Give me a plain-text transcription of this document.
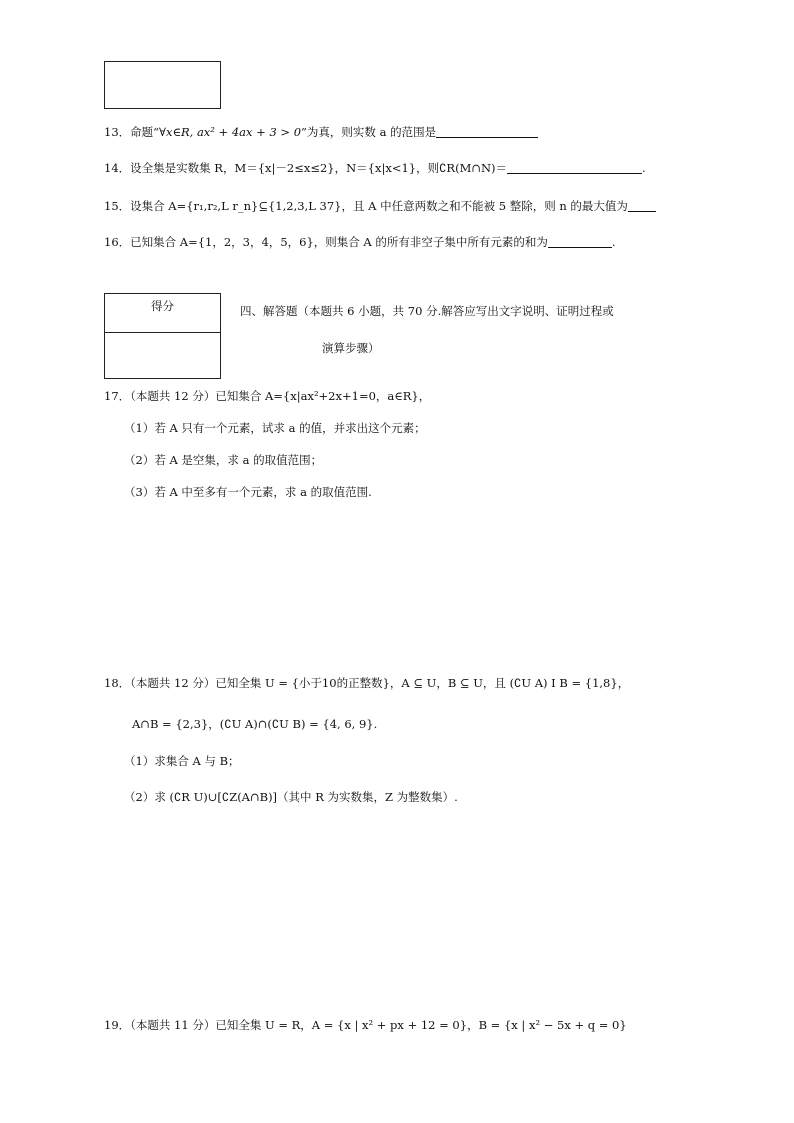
13．命题“∀x∈R, ax² + 4ax + 3 > 0”为真，则实数 a 的范围是
14．设全集是实数集 R，M＝{x|－2≤x≤2}，N＝{x|x<1}，则∁R(M∩N)＝	.
15．设集合 A={r₁,r₂,L r_n}⊆{1,2,3,L 37}，且 A 中任意两数之和不能被 5 整除，则 n 的最大值为
16．已知集合 A={1，2，3，4，5，6}，则集合 A 的所有非空子集中所有元素的和为	.
得分	四、解答题（本题共 6 小题，共 70 分.解答应写出文字说明、证明过程或
演算步骤）
17．（本题共 12 分）已知集合 A={x|ax²+2x+1=0，a∈R}，
（1）若 A 只有一个元素，试求 a 的值，并求出这个元素；
（2）若 A 是空集，求 a 的取值范围；
（3）若 A 中至多有一个元素，求 a 的取值范围.
18．（本题共 12 分）已知全集 U = {小于10的正整数}，A ⊆ U，B ⊆ U，且 (∁U A) I B = {1,8}，
A∩B = {2,3}，(∁U A)∩(∁U B) = {4, 6, 9}.
（1）求集合 A 与 B；
（2）求 (∁R U)∪[∁Z(A∩B)]（其中 R 为实数集，Z 为整数集）.
19．（本题共 11 分）已知全集 U = R，A = {x | x² + px + 12 = 0}，B = {x | x² − 5x + q = 0}
